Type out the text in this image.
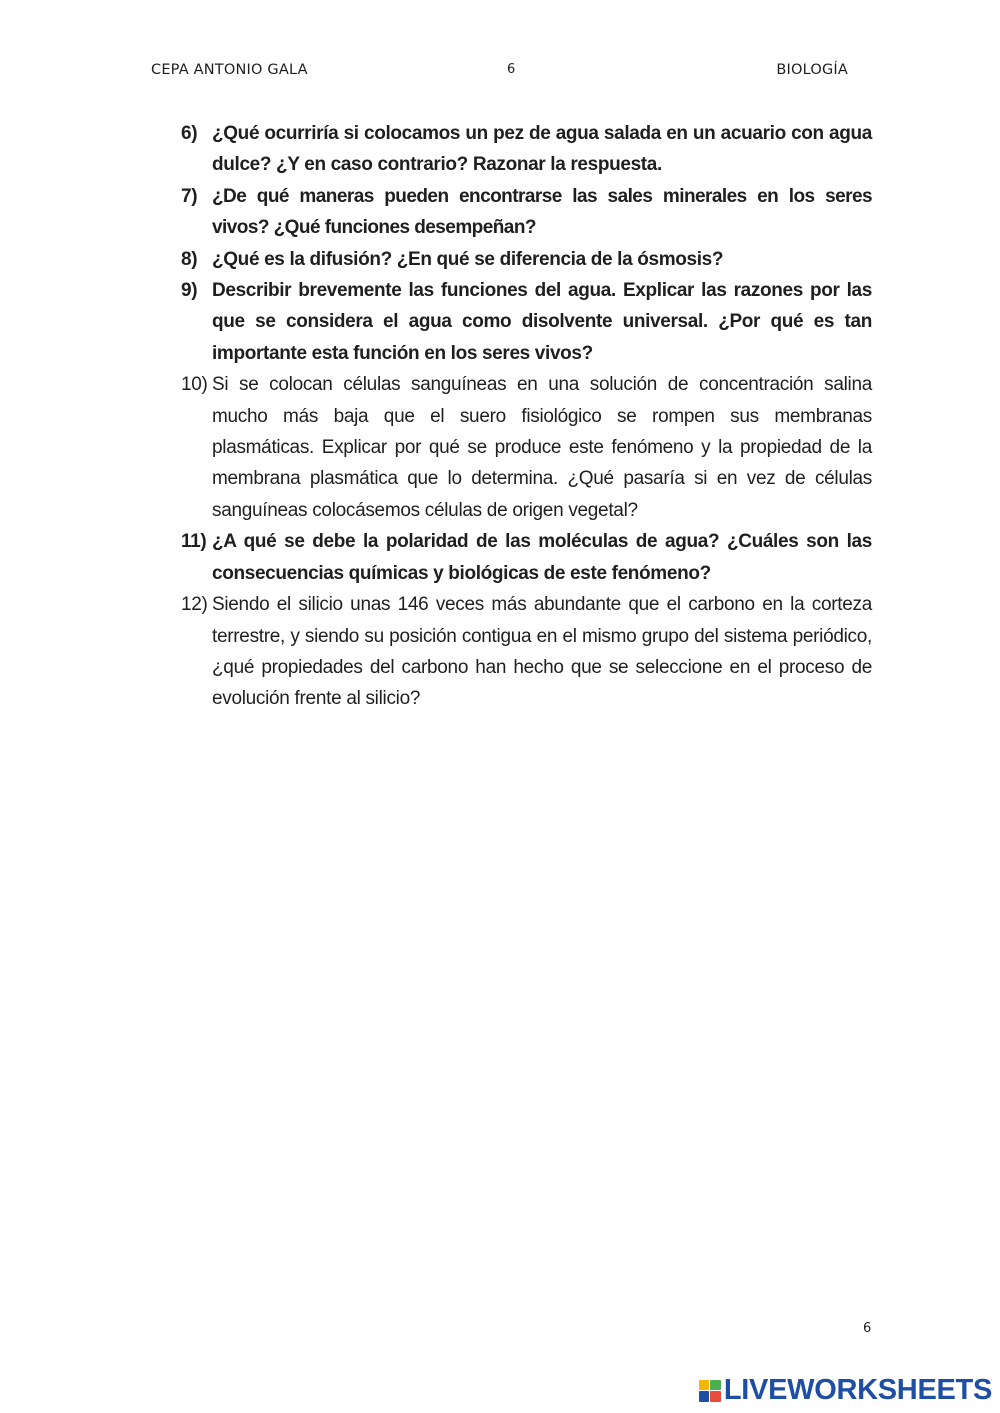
CEPA ANTONIO GALA	6	BIOLOGÍA
6) ¿Qué ocurriría si colocamos un pez de agua salada en un acuario con agua dulce? ¿Y en caso contrario? Razonar la respuesta.
7) ¿De qué maneras pueden encontrarse las sales minerales en los seres vivos? ¿Qué funciones desempeñan?
8) ¿Qué es la difusión? ¿En qué se diferencia de la ósmosis?
9) Describir brevemente las funciones del agua. Explicar las razones por las que se considera el agua como disolvente universal. ¿Por qué es tan importante esta función en los seres vivos?
10) Si se colocan células sanguíneas en una solución de concentración salina mucho más baja que el suero fisiológico se rompen sus membranas plasmáticas. Explicar por qué se produce este fenómeno y la propiedad de la membrana plasmática que lo determina. ¿Qué pasaría si en vez de células sanguíneas colocásemos células de origen vegetal?
11) ¿A qué se debe la polaridad de las moléculas de agua? ¿Cuáles son las consecuencias químicas y biológicas de este fenómeno?
12) Siendo el silicio unas 146 veces más abundante que el carbono en la corteza terrestre, y siendo su posición contigua en el mismo grupo del sistema periódico, ¿qué propiedades del carbono han hecho que se seleccione en el proceso de evolución frente al silicio?
6
LIVEWORKSHEETS
